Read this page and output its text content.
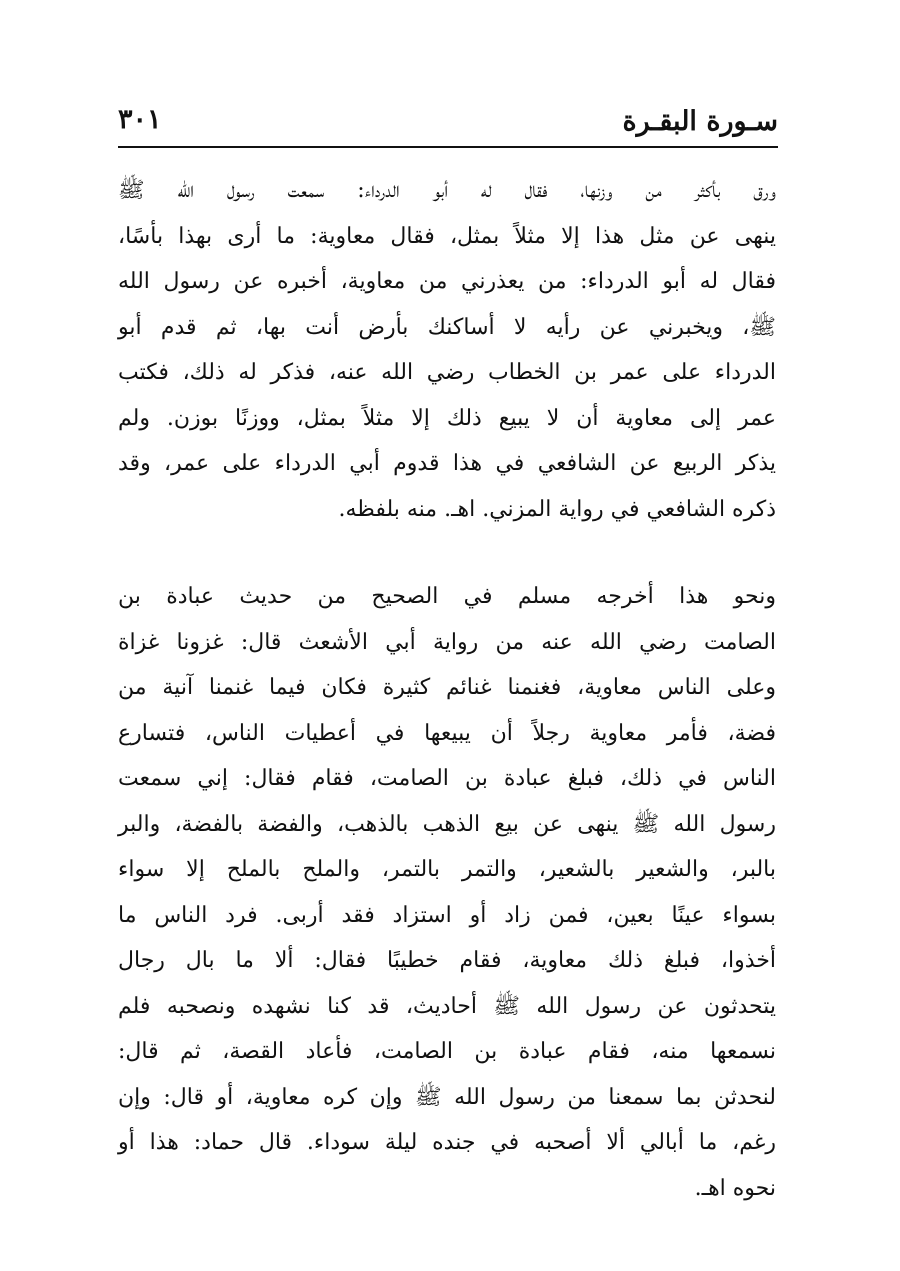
سـورة البقـرة
٣٠١
ورق بأكثر من وزنها، فقال له أبو الدرداء: سمعت رسول الله ﷺ
ينهى عن مثل هذا إلا مثلاً بمثل، فقال معاوية: ما أرى بهذا بأسًا،
فقال له أبو الدرداء: من يعذرني من معاوية، أخبره عن رسول الله
ﷺ، ويخبرني عن رأيه لا أساكنك بأرض أنت بها، ثم قدم أبو
الدرداء على عمر بن الخطاب رضي الله عنه، فذكر له ذلك، فكتب
عمر إلى معاوية أن لا يبيع ذلك إلا مثلاً بمثل، ووزنًا بوزن. ولم
يذكر الربيع عن الشافعي في هذا قدوم أبي الدرداء على عمر، وقد
ذكره الشافعي في رواية المزني. اهـ. منه بلفظه.
ونحو هذا أخرجه مسلم في الصحيح من حديث عبادة بن
الصامت رضي الله عنه من رواية أبي الأشعث قال: غزونا غزاة
وعلى الناس معاوية، فغنمنا غنائم كثيرة فكان فيما غنمنا آنية من
فضة، فأمر معاوية رجلاً أن يبيعها في أعطيات الناس، فتسارع
الناس في ذلك، فبلغ عبادة بن الصامت، فقام فقال: إني سمعت
رسول الله ﷺ ينهى عن بيع الذهب بالذهب، والفضة بالفضة، والبر
بالبر، والشعير بالشعير، والتمر بالتمر، والملح بالملح إلا سواء
بسواء عينًا بعين، فمن زاد أو استزاد فقد أربى. فرد الناس ما
أخذوا، فبلغ ذلك معاوية، فقام خطيبًا فقال: ألا ما بال رجال
يتحدثون عن رسول الله ﷺ أحاديث، قد كنا نشهده ونصحبه فلم
نسمعها منه، فقام عبادة بن الصامت، فأعاد القصة، ثم قال:
لنحدثن بما سمعنا من رسول الله ﷺ وإن كره معاوية، أو قال: وإن
رغم، ما أبالي ألا أصحبه في جنده ليلة سوداء. قال حماد: هذا أو
نحوه اهـ.
